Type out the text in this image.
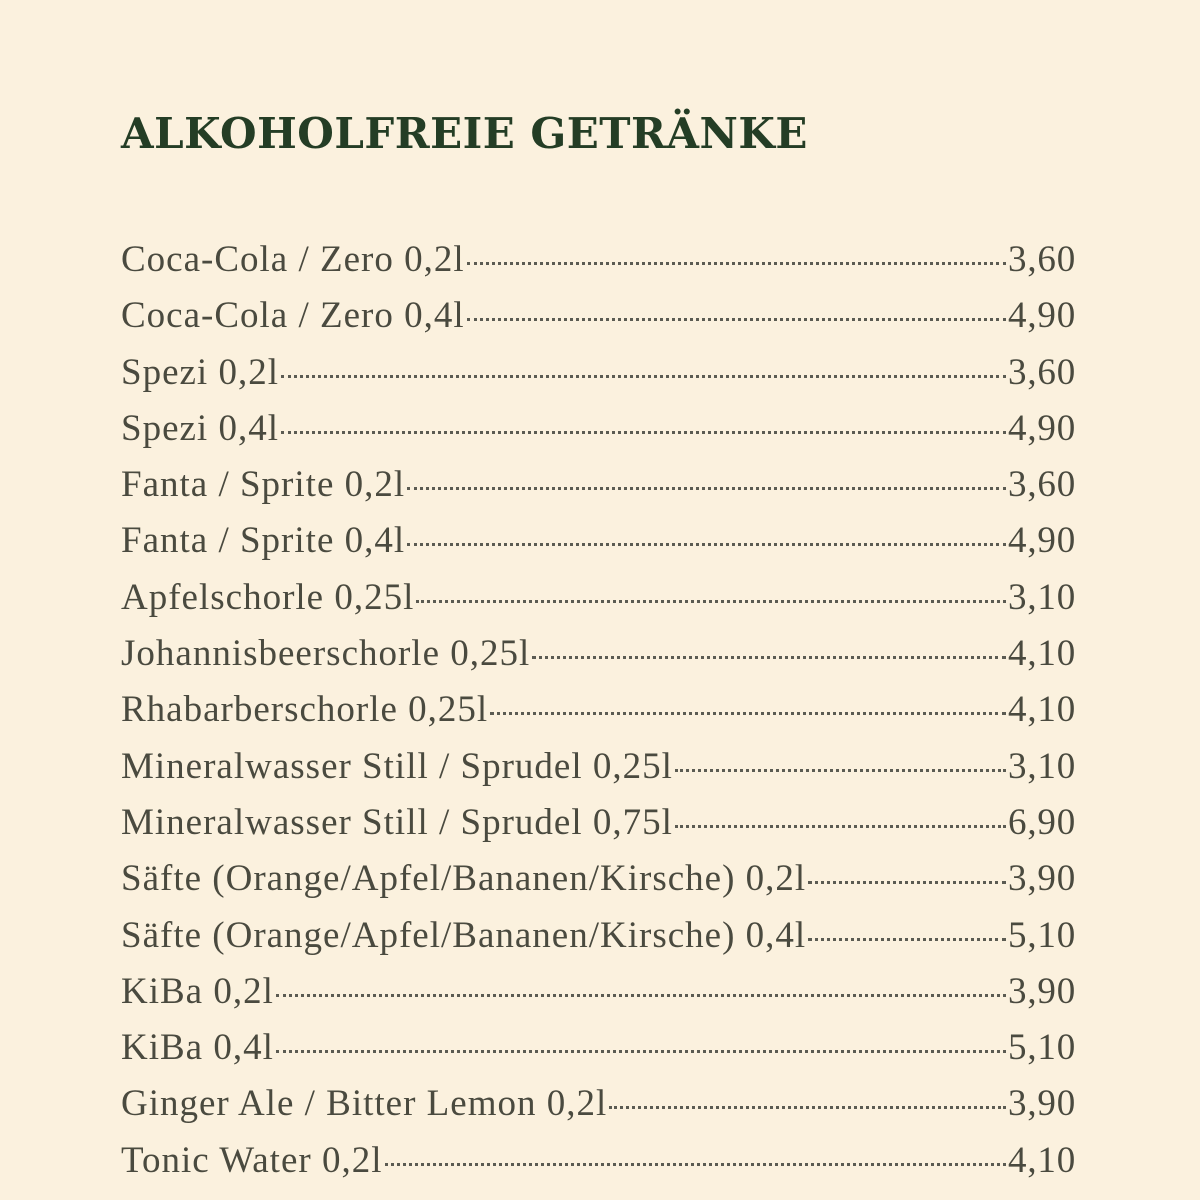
ALKOHOLFREIE GETRÄNKE
Coca-Cola / Zero 0,2l	3,60
Coca-Cola / Zero 0,4l	4,90
Spezi 0,2l	3,60
Spezi 0,4l	4,90
Fanta / Sprite 0,2l	3,60
Fanta / Sprite 0,4l	4,90
Apfelschorle 0,25l	3,10
Johannisbeerschorle 0,25l	4,10
Rhabarberschorle 0,25l	4,10
Mineralwasser Still / Sprudel 0,25l	3,10
Mineralwasser Still / Sprudel 0,75l	6,90
Säfte (Orange/Apfel/Bananen/Kirsche) 0,2l	3,90
Säfte (Orange/Apfel/Bananen/Kirsche) 0,4l	5,10
KiBa 0,2l	3,90
KiBa 0,4l	5,10
Ginger Ale / Bitter Lemon 0,2l	3,90
Tonic Water 0,2l	4,10
